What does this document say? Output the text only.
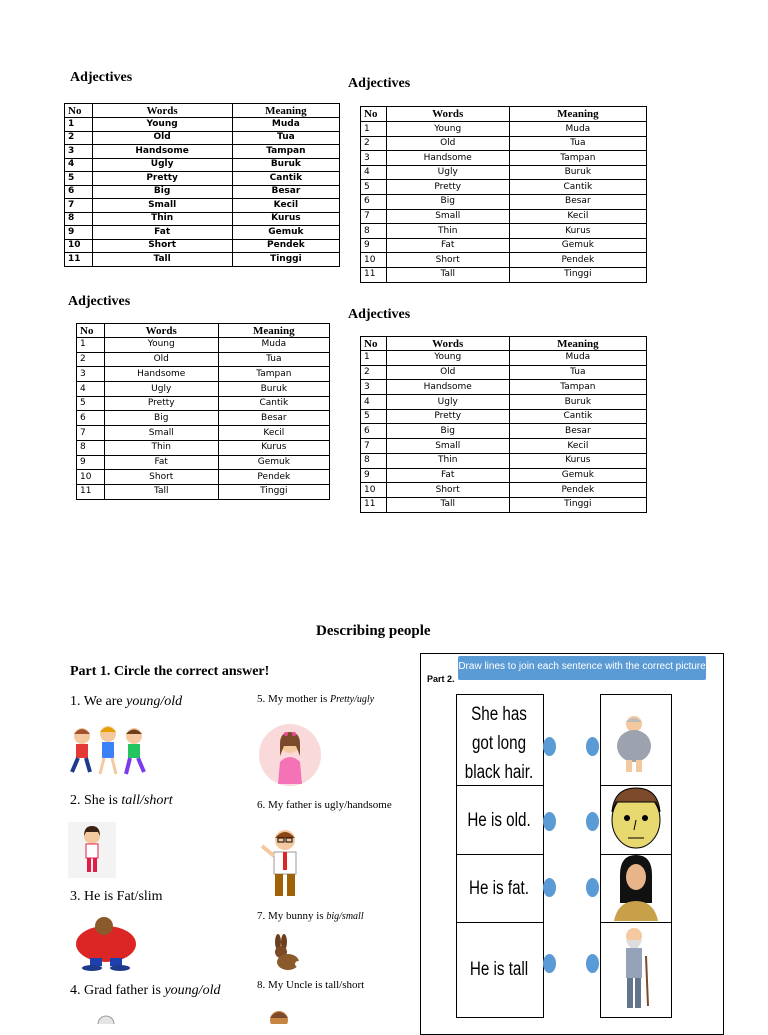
Adjectives
No	Words	Meaning
1	Young	Muda
2	Old	Tua
3	Handsome	Tampan
4	Ugly	Buruk
5	Pretty	Cantik
6	Big	Besar
7	Small	Kecil
8	Thin	Kurus
9	Fat	Gemuk
10	Short	Pendek
11	Tall	Tinggi
Adjectives
No	Words	Meaning
1	Young	Muda
2	Old	Tua
3	Handsome	Tampan
4	Ugly	Buruk
5	Pretty	Cantik
6	Big	Besar
7	Small	Kecil
8	Thin	Kurus
9	Fat	Gemuk
10	Short	Pendek
11	Tall	Tinggi
Adjectives
No	Words	Meaning
1	Young	Muda
2	Old	Tua
3	Handsome	Tampan
4	Ugly	Buruk
5	Pretty	Cantik
6	Big	Besar
7	Small	Kecil
8	Thin	Kurus
9	Fat	Gemuk
10	Short	Pendek
11	Tall	Tinggi
Adjectives
No	Words	Meaning
1	Young	Muda
2	Old	Tua
3	Handsome	Tampan
4	Ugly	Buruk
5	Pretty	Cantik
6	Big	Besar
7	Small	Kecil
8	Thin	Kurus
9	Fat	Gemuk
10	Short	Pendek
11	Tall	Tinggi
Describing people
Part 1. Circle the correct answer!
1. We are young/old
2. She is tall/short
3. He is Fat/slim
4. Grad father is young/old
5. My mother is Pretty/ugly
6. My father is ugly/handsome
7. My bunny is big/small
8. My Uncle is tall/short
Draw lines to join each sentence with the correct picture
Part 2.
She has got long black hair.
He is old.
He is fat.
He is tall
